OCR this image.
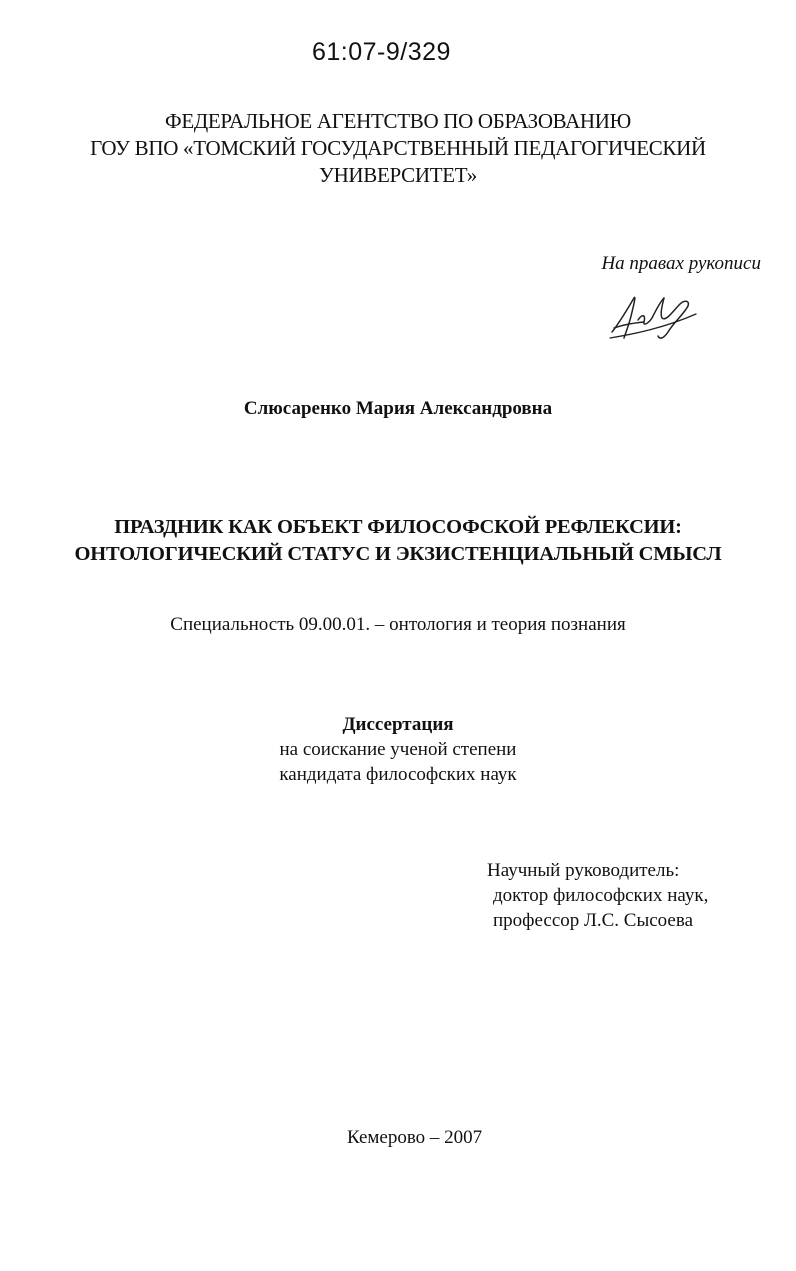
61:07-9/329
ФЕДЕРАЛЬНОЕ АГЕНТСТВО ПО ОБРАЗОВАНИЮ
ГОУ ВПО «ТОМСКИЙ ГОСУДАРСТВЕННЫЙ ПЕДАГОГИЧЕСКИЙ
УНИВЕРСИТЕТ»
На правах рукописи
Слюсаренко Мария Александровна
ПРАЗДНИК КАК ОБЪЕКТ ФИЛОСОФСКОЙ РЕФЛЕКСИИ:
ОНТОЛОГИЧЕСКИЙ СТАТУС И ЭКЗИСТЕНЦИАЛЬНЫЙ СМЫСЛ
Специальность 09.00.01. – онтология и теория познания
Диссертация
на соискание ученой степени
кандидата философских наук
Научный руководитель:
доктор философских наук,
профессор Л.С. Сысоева
Кемерово – 2007
